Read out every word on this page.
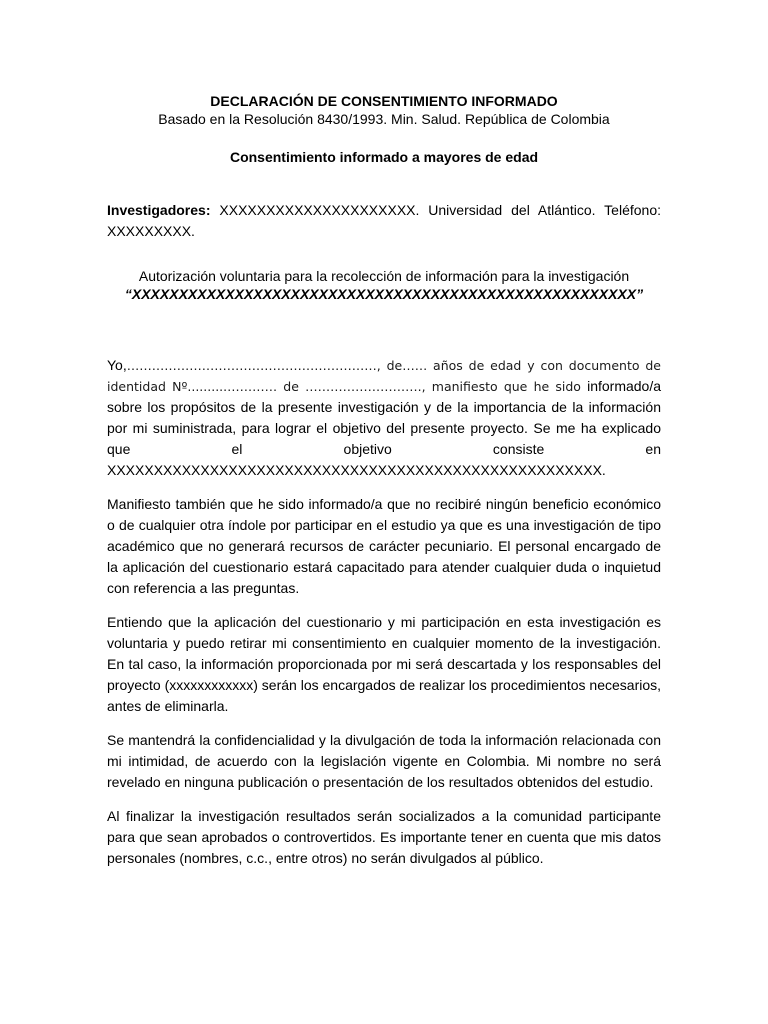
DECLARACIÓN DE CONSENTIMIENTO INFORMADO

Basado en la Resolución 8430/1993. Min. Salud. República de Colombia

Consentimiento informado a mayores de edad

Investigadores: XXXXXXXXXXXXXXXXXXXXX. Universidad del Atlántico. Teléfono: XXXXXXXXX.

Autorización voluntaria para la recolección de información para la investigación
“XXXXXXXXXXXXXXXXXXXXXXXXXXXXXXXXXXXXXXXXXXXXXXXXXXXXXX”

Yo,……………………………………………………, de…… años de edad y con documento de identidad Nº..........………… de ………………………., manifiesto que he sido informado/a sobre los propósitos de la presente investigación y de la importancia de la información por mi suministrada, para lograr el objetivo del presente proyecto. Se me ha explicado que el objetivo consiste en XXXXXXXXXXXXXXXXXXXXXXXXXXXXXXXXXXXXXXXXXXXXXXXXXXXXX.

Manifiesto también que he sido informado/a que no recibiré ningún beneficio económico o de cualquier otra índole por participar en el estudio ya que es una investigación de tipo académico que no generará recursos de carácter pecuniario. El personal encargado de la aplicación del cuestionario estará capacitado para atender cualquier duda o inquietud con referencia a las preguntas.

Entiendo que la aplicación del cuestionario y mi participación en esta investigación es voluntaria y puedo retirar mi consentimiento en cualquier momento de la investigación. En tal caso, la información proporcionada por mi será descartada y los responsables del proyecto (xxxxxxxxxxxx) serán los encargados de realizar los procedimientos necesarios, antes de eliminarla.

Se mantendrá la confidencialidad y la divulgación de toda la información relacionada con mi intimidad, de acuerdo con la legislación vigente en Colombia. Mi nombre no será revelado en ninguna publicación o presentación de los resultados obtenidos del estudio.

Al finalizar la investigación resultados serán socializados a la comunidad participante para que sean aprobados o controvertidos. Es importante tener en cuenta que mis datos personales (nombres, c.c., entre otros) no serán divulgados al público.
